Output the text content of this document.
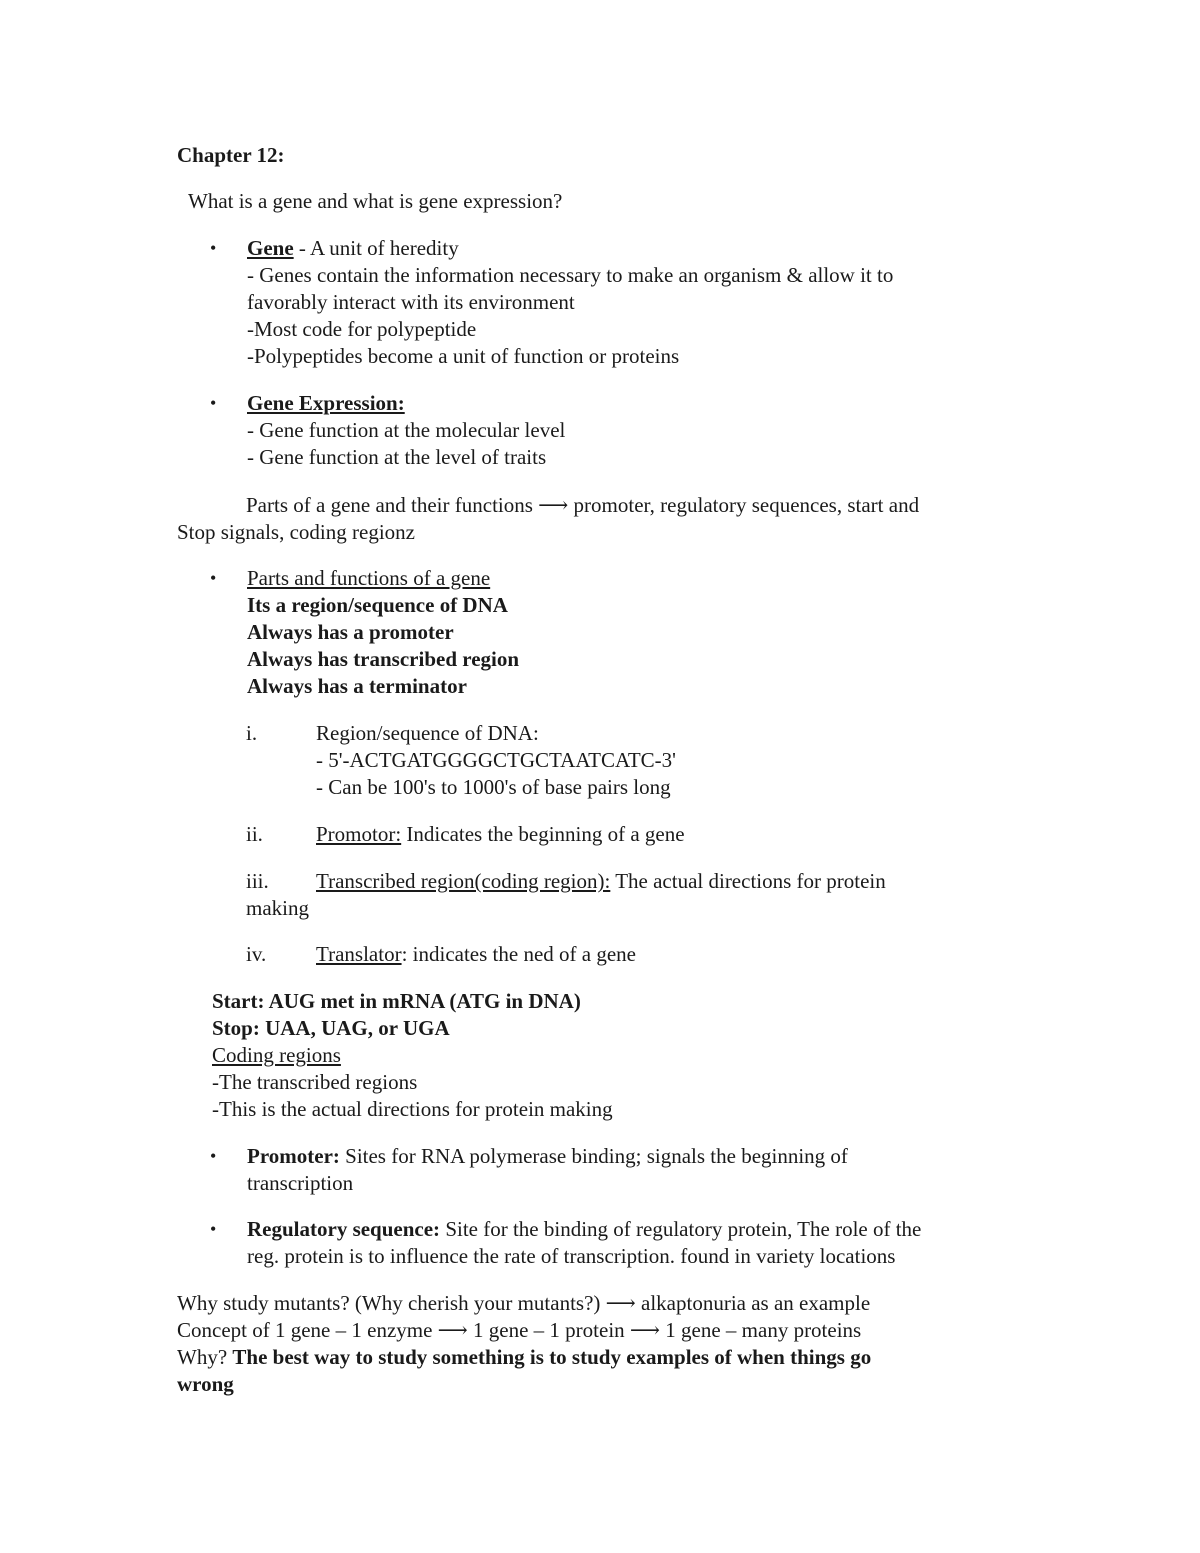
Chapter 12:
What is a gene and what is gene expression?
• Gene - A unit of heredity
- Genes contain the information necessary to make an organism & allow it to
favorably interact with its environment
-Most code for polypeptide
-Polypeptides become a unit of function or proteins
• Gene Expression:
- Gene function at the molecular level
- Gene function at the level of traits
Parts of a gene and their functions ⟶ promoter, regulatory sequences, start and
Stop signals, coding regionz
• Parts and functions of a gene
Its a region/sequence of DNA
Always has a promoter
Always has transcribed region
Always has a terminator
i.	Region/sequence of DNA:
- 5'-ACTGATGGGGCTGCTAATCATC-3'
- Can be 100's to 1000's of base pairs long
ii.	Promotor: Indicates the beginning of a gene
iii. Transcribed region(coding region): The actual directions for protein
making
iv. Translator: indicates the ned of a gene
Start: AUG met in mRNA (ATG in DNA)
Stop: UAA, UAG, or UGA
Coding regions
-The transcribed regions
-This is the actual directions for protein making
• Promoter: Sites for RNA polymerase binding; signals the beginning of
transcription
• Regulatory sequence: Site for the binding of regulatory protein, The role of the
reg. protein is to influence the rate of transcription. found in variety locations
Why study mutants? (Why cherish your mutants?) ⟶ alkaptonuria as an example
Concept of 1 gene – 1 enzyme ⟶ 1 gene – 1 protein ⟶ 1 gene – many proteins
Why? The best way to study something is to study examples of when things go
wrong
